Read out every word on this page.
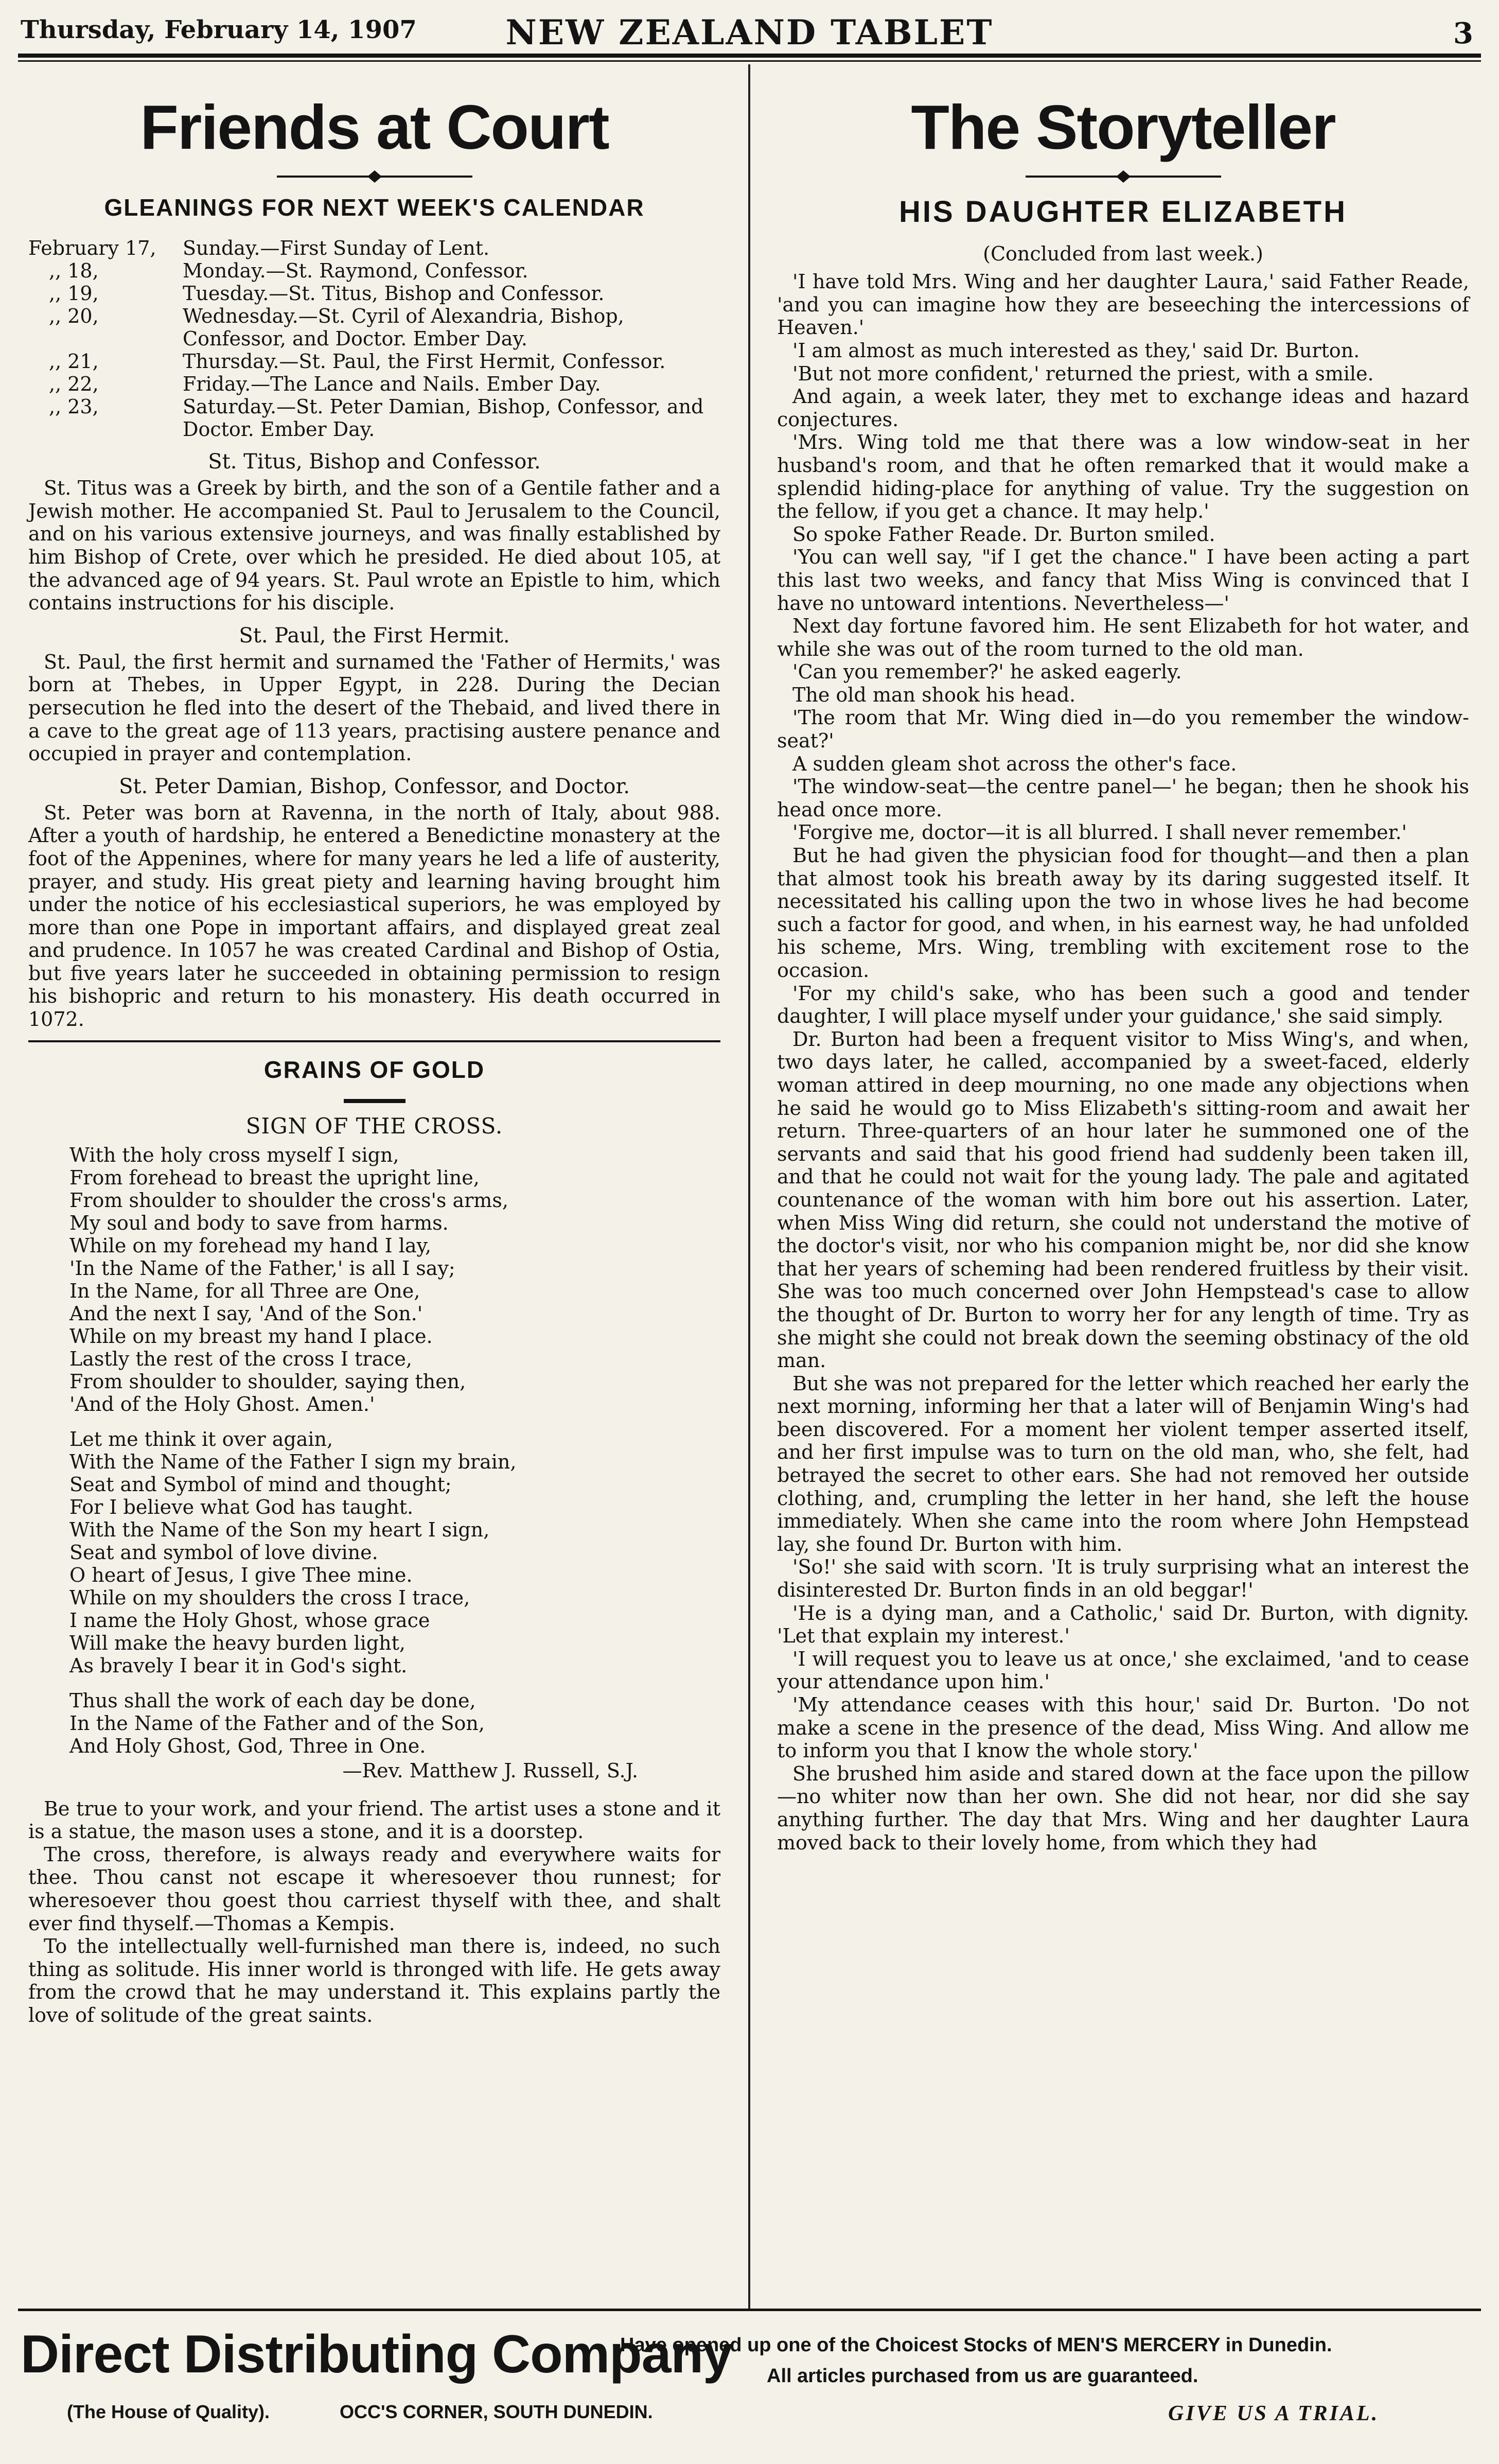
Thursday, February 14, 1907	NEW ZEALAND TABLET	3
Friends at Court
GLEANINGS FOR NEXT WEEK'S CALENDAR
February 17,	Sunday.—First Sunday of Lent.
,, 18,	Monday.—St. Raymond, Confessor.
,, 19,	Tuesday.—St. Titus, Bishop and Confessor.
,, 20,	Wednesday.—St. Cyril of Alexandria, Bishop, Confessor, and Doctor. Ember Day.
,, 21,	Thursday.—St. Paul, the First Hermit, Confessor.
,, 22,	Friday.—The Lance and Nails. Ember Day.
,, 23,	Saturday.—St. Peter Damian, Bishop, Confessor, and Doctor. Ember Day.
St. Titus, Bishop and Confessor.

St. Titus was a Greek by birth, and the son of a Gentile father and a Jewish mother. He accompanied St. Paul to Jerusalem to the Council, and on his various extensive journeys, and was finally established by him Bishop of Crete, over which he presided. He died about 105, at the advanced age of 94 years. St. Paul wrote an Epistle to him, which contains instructions for his disciple.

St. Paul, the First Hermit.

St. Paul, the first hermit and surnamed the 'Father of Hermits,' was born at Thebes, in Upper Egypt, in 228. During the Decian persecution he fled into the desert of the Thebaid, and lived there in a cave to the great age of 113 years, practising austere penance and occupied in prayer and contemplation.

St. Peter Damian, Bishop, Confessor, and Doctor.

St. Peter was born at Ravenna, in the north of Italy, about 988. After a youth of hardship, he entered a Benedictine monastery at the foot of the Appenines, where for many years he led a life of austerity, prayer, and study. His great piety and learning having brought him under the notice of his ecclesiastical superiors, he was employed by more than one Pope in important affairs, and displayed great zeal and prudence. In 1057 he was created Cardinal and Bishop of Ostia, but five years later he succeeded in obtaining permission to resign his bishopric and return to his monastery. His death occurred in 1072.

GRAINS OF GOLD
SIGN OF THE CROSS.
With the holy cross myself I sign,
From forehead to breast the upright line,
From shoulder to shoulder the cross's arms,
My soul and body to save from harms.
While on my forehead my hand I lay,
'In the Name of the Father,' is all I say;
In the Name, for all Three are One,
And the next I say, 'And of the Son.'
While on my breast my hand I place.
Lastly the rest of the cross I trace,
From shoulder to shoulder, saying then,
'And of the Holy Ghost. Amen.'
Let me think it over again,
With the Name of the Father I sign my brain,
Seat and Symbol of mind and thought;
For I believe what God has taught.
With the Name of the Son my heart I sign,
Seat and symbol of love divine.
O heart of Jesus, I give Thee mine.
While on my shoulders the cross I trace,
I name the Holy Ghost, whose grace
Will make the heavy burden light,
As bravely I bear it in God's sight.
Thus shall the work of each day be done,
In the Name of the Father and of the Son,
And Holy Ghost, God, Three in One.
—Rev. Matthew J. Russell, S.J.

Be true to your work, and your friend. The artist uses a stone and it is a statue, the mason uses a stone, and it is a doorstep.

The cross, therefore, is always ready and everywhere waits for thee. Thou canst not escape it wheresoever thou runnest; for wheresoever thou goest thou carriest thyself with thee, and shalt ever find thyself.—Thomas a Kempis.

To the intellectually well-furnished man there is, indeed, no such thing as solitude. His inner world is thronged with life. He gets away from the crowd that he may understand it. This explains partly the love of solitude of the great saints.

The Storyteller
HIS DAUGHTER ELIZABETH
(Concluded from last week.)

'I have told Mrs. Wing and her daughter Laura,' said Father Reade, 'and you can imagine how they are beseeching the intercessions of Heaven.'

'I am almost as much interested as they,' said Dr. Burton.

'But not more confident,' returned the priest, with a smile.

And again, a week later, they met to exchange ideas and hazard conjectures.

'Mrs. Wing told me that there was a low window-seat in her husband's room, and that he often remarked that it would make a splendid hiding-place for anything of value. Try the suggestion on the fellow, if you get a chance. It may help.'

So spoke Father Reade. Dr. Burton smiled.

'You can well say, "if I get the chance." I have been acting a part this last two weeks, and fancy that Miss Wing is convinced that I have no untoward intentions. Nevertheless—'

Next day fortune favored him. He sent Elizabeth for hot water, and while she was out of the room turned to the old man.

'Can you remember?' he asked eagerly.

The old man shook his head.

'The room that Mr. Wing died in—do you remember the window-seat?'

A sudden gleam shot across the other's face.

'The window-seat—the centre panel—' he began; then he shook his head once more.

'Forgive me, doctor—it is all blurred. I shall never remember.'

But he had given the physician food for thought—and then a plan that almost took his breath away by its daring suggested itself. It necessitated his calling upon the two in whose lives he had become such a factor for good, and when, in his earnest way, he had unfolded his scheme, Mrs. Wing, trembling with excitement rose to the occasion.

'For my child's sake, who has been such a good and tender daughter, I will place myself under your guidance,' she said simply.

Dr. Burton had been a frequent visitor to Miss Wing's, and when, two days later, he called, accompanied by a sweet-faced, elderly woman attired in deep mourning, no one made any objections when he said he would go to Miss Elizabeth's sitting-room and await her return. Three-quarters of an hour later he summoned one of the servants and said that his good friend had suddenly been taken ill, and that he could not wait for the young lady. The pale and agitated countenance of the woman with him bore out his assertion. Later, when Miss Wing did return, she could not understand the motive of the doctor's visit, nor who his companion might be, nor did she know that her years of scheming had been rendered fruitless by their visit. She was too much concerned over John Hempstead's case to allow the thought of Dr. Burton to worry her for any length of time. Try as she might she could not break down the seeming obstinacy of the old man.

But she was not prepared for the letter which reached her early the next morning, informing her that a later will of Benjamin Wing's had been discovered. For a moment her violent temper asserted itself, and her first impulse was to turn on the old man, who, she felt, had betrayed the secret to other ears. She had not removed her outside clothing, and, crumpling the letter in her hand, she left the house immediately. When she came into the room where John Hempstead lay, she found Dr. Burton with him.

'So!' she said with scorn. 'It is truly surprising what an interest the disinterested Dr. Burton finds in an old beggar!'

'He is a dying man, and a Catholic,' said Dr. Burton, with dignity. 'Let that explain my interest.'

'I will request you to leave us at once,' she exclaimed, 'and to cease your attendance upon him.'

'My attendance ceases with this hour,' said Dr. Burton. 'Do not make a scene in the presence of the dead, Miss Wing. And allow me to inform you that I know the whole story.'

She brushed him aside and stared down at the face upon the pillow—no whiter now than her own. She did not hear, nor did she say anything further. The day that Mrs. Wing and her daughter Laura moved back to their lovely home, from which they had

Direct Distributing Company
(The House of Quality).	OCC'S CORNER, SOUTH DUNEDIN.
Have opened up one of the Choicest Stocks of MEN'S MERCERY in Dunedin.
All articles purchased from us are guaranteed.
GIVE US A TRIAL.
